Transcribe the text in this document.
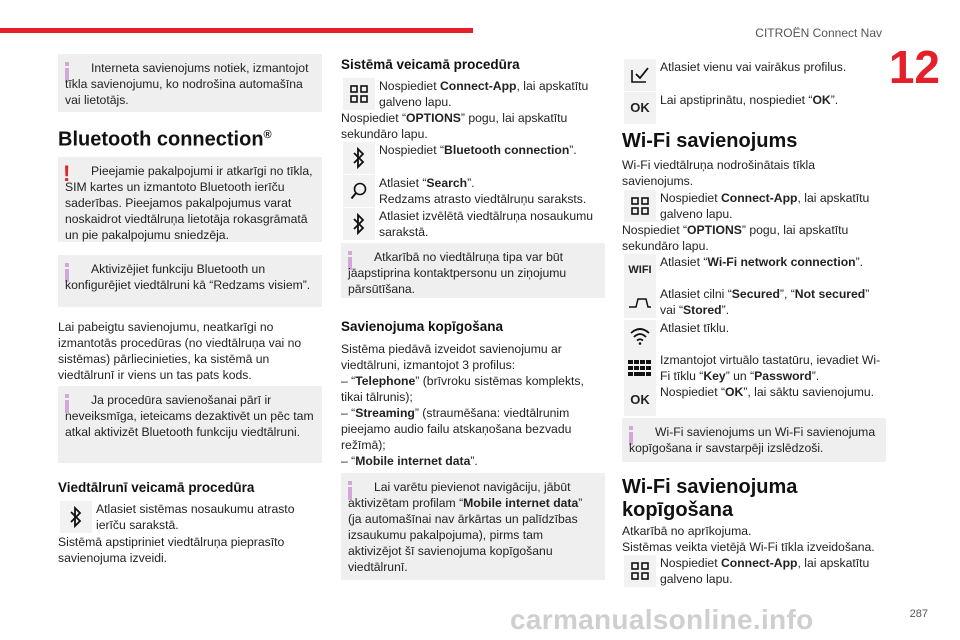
CITROËN Connect Nav
12
287
carmanualsonline.info
Interneta savienojums notiek, izmantojot tīkla savienojumu, ko nodrošina automašīna vai lietotājs.
Bluetooth connection®
!	Pieejamie pakalpojumi ir atkarīgi no tīkla, SIM kartes un izmantoto Bluetooth ierīču saderības. Pieejamos pakalpojumus varat noskaidrot viedtālruņa lietotāja rokasgrāmatā un pie pakalpojumu sniedzēja.
Aktivizējiet funkciju Bluetooth un konfigurējiet viedtālruni kā “Redzams visiem”.

Lai pabeigtu savienojumu, neatkarīgi no izmantotās procedūras (no viedtālruņa vai no sistēmas) pārliecinieties, ka sistēmā un viedtālrunī ir viens un tas pats kods.

Ja procedūra savienošanai pārī ir neveiksmīga, ieteicams dezaktivēt un pēc tam atkal aktivizēt Bluetooth funkciju viedtālruni.
Viedtālrunī veicamā procedūra
Atlasiet sistēmas nosaukumu atrasto ierīču sarakstā.

Sistēmā apstipriniet viedtālruņa pieprasīto savienojuma izveidi.

Sistēmā veicamā procedūra
Nospiediet Connect-App, lai apskatītu galveno lapu.

Nospiediet “OPTIONS” pogu, lai apskatītu sekundāro lapu.

Nospiediet “Bluetooth connection”.
Atlasiet “Search”.
Redzams atrasto viedtālruņu saraksts.
Atlasiet izvēlētā viedtālruņa nosaukumu sarakstā.
Atkarībā no viedtālruņa tipa var būt jāapstiprina kontaktpersonu un ziņojumu pārsūtīšana.
Savienojuma kopīgošana

Sistēma piedāvā izveidot savienojumu ar viedtālruni, izmantojot 3 profilus:

– “Telephone” (brīvroku sistēmas komplekts, tikai tālrunis);

– “Streaming” (straumēšana: viedtālrunim pieejamo audio failu atskaņošana bezvadu režīmā);

– “Mobile internet data”.

Lai varētu pievienot navigāciju, jābūt aktivizētam profilam “Mobile internet data” (ja automašīnai nav ārkārtas un palīdzības izsaukumu pakalpojuma), pirms tam aktivizējot šī savienojuma kopīgošanu viedtālrunī.
Atlasiet vienu vai vairākus profilus.
OK Lai apstiprinātu, nospiediet “OK”.
Wi-Fi savienojums

Wi-Fi viedtālruņa nodrošinātais tīkla savienojums.

Nospiediet Connect-App, lai apskatītu galveno lapu.

Nospiediet “OPTIONS” pogu, lai apskatītu sekundāro lapu.

WIFI
Atlasiet “Wi-Fi network connection”.
Atlasiet cilni “Secured”, “Not secured” vai “Stored”.
Atlasiet tīklu.
Izmantojot virtuālo tastatūru, ievadiet Wi-Fi tīklu “Key” un “Password”.
OK Nospiediet “OK”, lai sāktu savienojumu.
Wi-Fi savienojums un Wi-Fi savienojuma kopīgošana ir savstarpēji izslēdzoši.
Wi-Fi savienojuma kopīgošana

Atkarībā no aprīkojuma.

Sistēmas veikta vietējā Wi-Fi tīkla izveidošana.

Nospiediet Connect-App, lai apskatītu galveno lapu.
